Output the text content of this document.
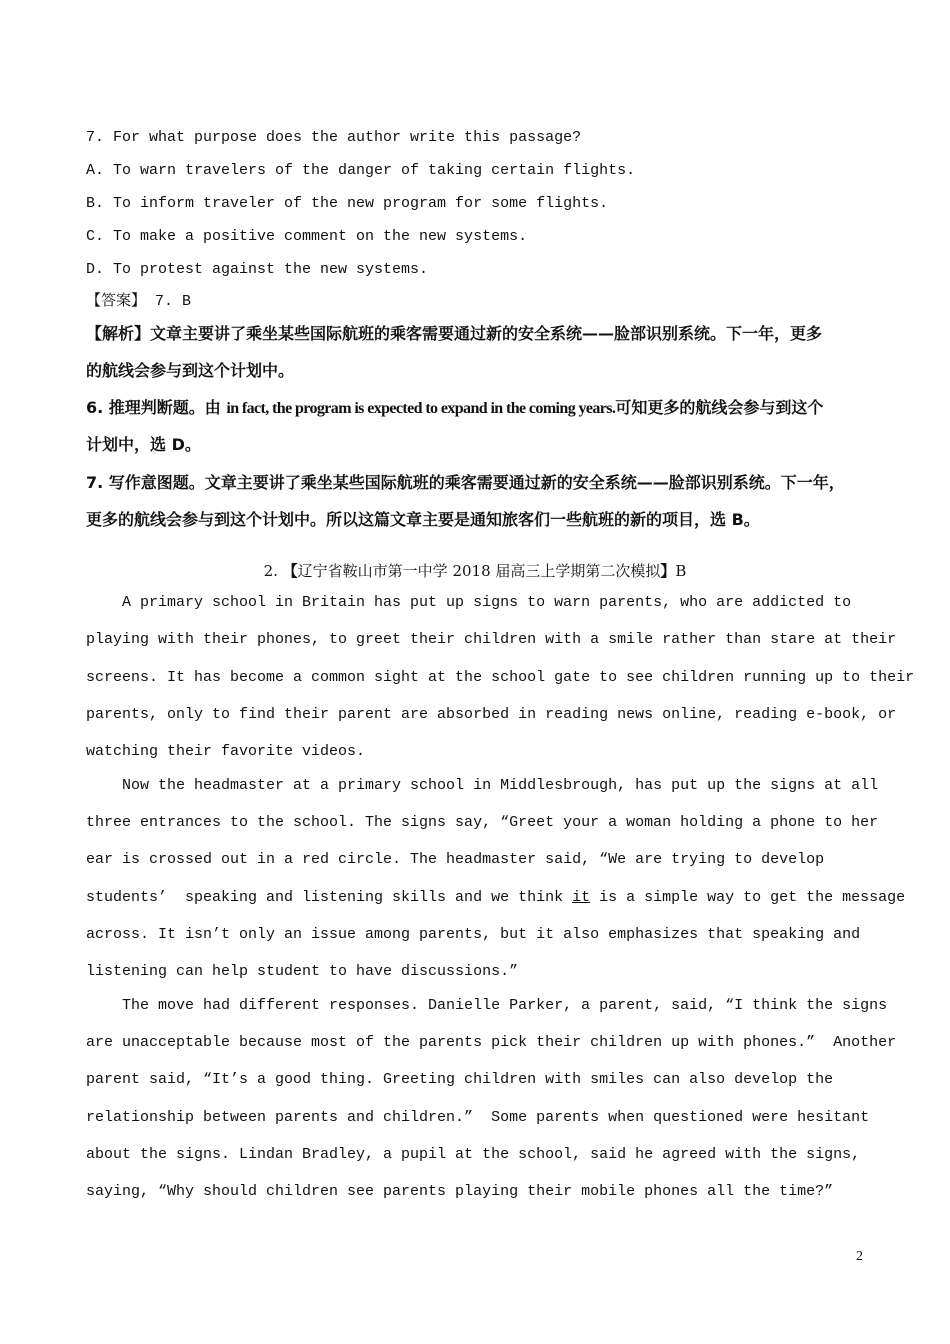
7. For what purpose does the author write this passage?
A. To warn travelers of the danger of taking certain flights.
B. To inform traveler of the new program for some flights.
C. To make a positive comment on the new systems.
D. To protest against the new systems.
【答案】 7. B
【解析】文章主要讲了乘坐某些国际航班的乘客需要通过新的安全系统——脸部识别系统。下一年，更多
的航线会参与到这个计划中。
6. 推理判断题。由 in fact, the program is expected to expand in the coming years.可知更多的航线会参与到这个
计划中，选 D。
7. 写作意图题。文章主要讲了乘坐某些国际航班的乘客需要通过新的安全系统——脸部识别系统。下一年，
更多的航线会参与到这个计划中。所以这篇文章主要是通知旅客们一些航班的新的项目，选 B。
2. 【辽宁省鞍山市第一中学 2018 届高三上学期第二次模拟】B
A primary school in Britain has put up signs to warn parents, who are addicted to
playing with their phones, to greet their children with a smile rather than stare at their
screens. It has become a common sight at the school gate to see children running up to their
parents, only to find their parent are absorbed in reading news online, reading e-book, or
watching their favorite videos.
Now the headmaster at a primary school in Middlesbrough, has put up the signs at all
three entrances to the school. The signs say, “Greet your a woman holding a phone to her
ear is crossed out in a red circle. The headmaster said, “We are trying to develop
students’  speaking and listening skills and we think it is a simple way to get the message
across. It isn’t only an issue among parents, but it also emphasizes that speaking and
listening can help student to have discussions.”
The move had different responses. Danielle Parker, a parent, said, “I think the signs
are unacceptable because most of the parents pick their children up with phones.”  Another
parent said, “It’s a good thing. Greeting children with smiles can also develop the
relationship between parents and children.”  Some parents when questioned were hesitant
about the signs. Lindan Bradley, a pupil at the school, said he agreed with the signs,
saying, “Why should children see parents playing their mobile phones all the time?”
2
